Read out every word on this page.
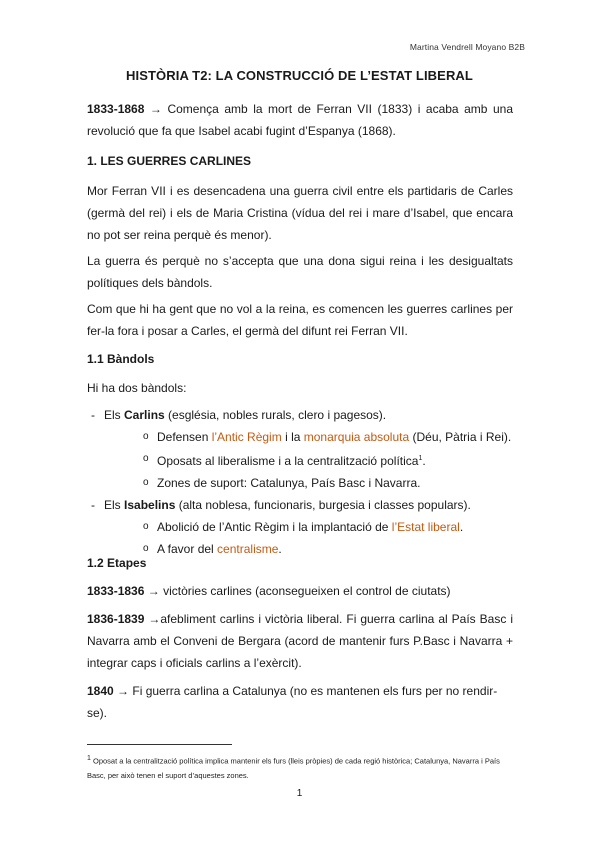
Martina Vendrell Moyano B2B
HISTÒRIA T2: LA CONSTRUCCIÓ DE L’ESTAT LIBERAL
1833-1868 → Comença amb la mort de Ferran VII (1833) i acaba amb una revolució que fa que Isabel acabi fugint d’Espanya (1868).
1. LES GUERRES CARLINES
Mor Ferran VII i es desencadena una guerra civil entre els partidaris de Carles (germà del rei) i els de Maria Cristina (vídua del rei i mare d’Isabel, que encara no pot ser reina perquè és menor).
La guerra és perquè no s’accepta que una dona sigui reina i les desigualtats polítiques dels bàndols.
Com que hi ha gent que no vol a la reina, es comencen les guerres carlines per fer-la fora i posar a Carles, el germà del difunt rei Ferran VII.
1.1 Bàndols
Hi ha dos bàndols:
- Els Carlins (església, nobles rurals, clero i pagesos).
o Defensen l’Antic Règim i la monarquia absoluta (Déu, Pàtria i Rei).
o Oposats al liberalisme i a la centralització política$^1$.
o Zones de suport: Catalunya, País Basc i Navarra.
- Els Isabelins (alta noblesa, funcionaris, burgesia i classes populars).
o Abolició de l’Antic Règim i la implantació de l’Estat liberal.
o A favor del centralisme.
1.2 Etapes
1833-1836 → victòries carlines (aconsegueixen el control de ciutats)
1836-1839 →afebliment carlins i victòria liberal. Fi guerra carlina al País Basc i Navarra amb el Conveni de Bergara (acord de mantenir furs P.Basc i Navarra + integrar caps i oficials carlins a l’exèrcit).
1840 → Fi guerra carlina a Catalunya (no es mantenen els furs per no rendir-se).
$^1$ Oposat a la centralització política implica mantenir els furs (lleis pròpies) de cada regió històrica; Catalunya, Navarra i País Basc, per això tenen el suport d’aquestes zones.
1
